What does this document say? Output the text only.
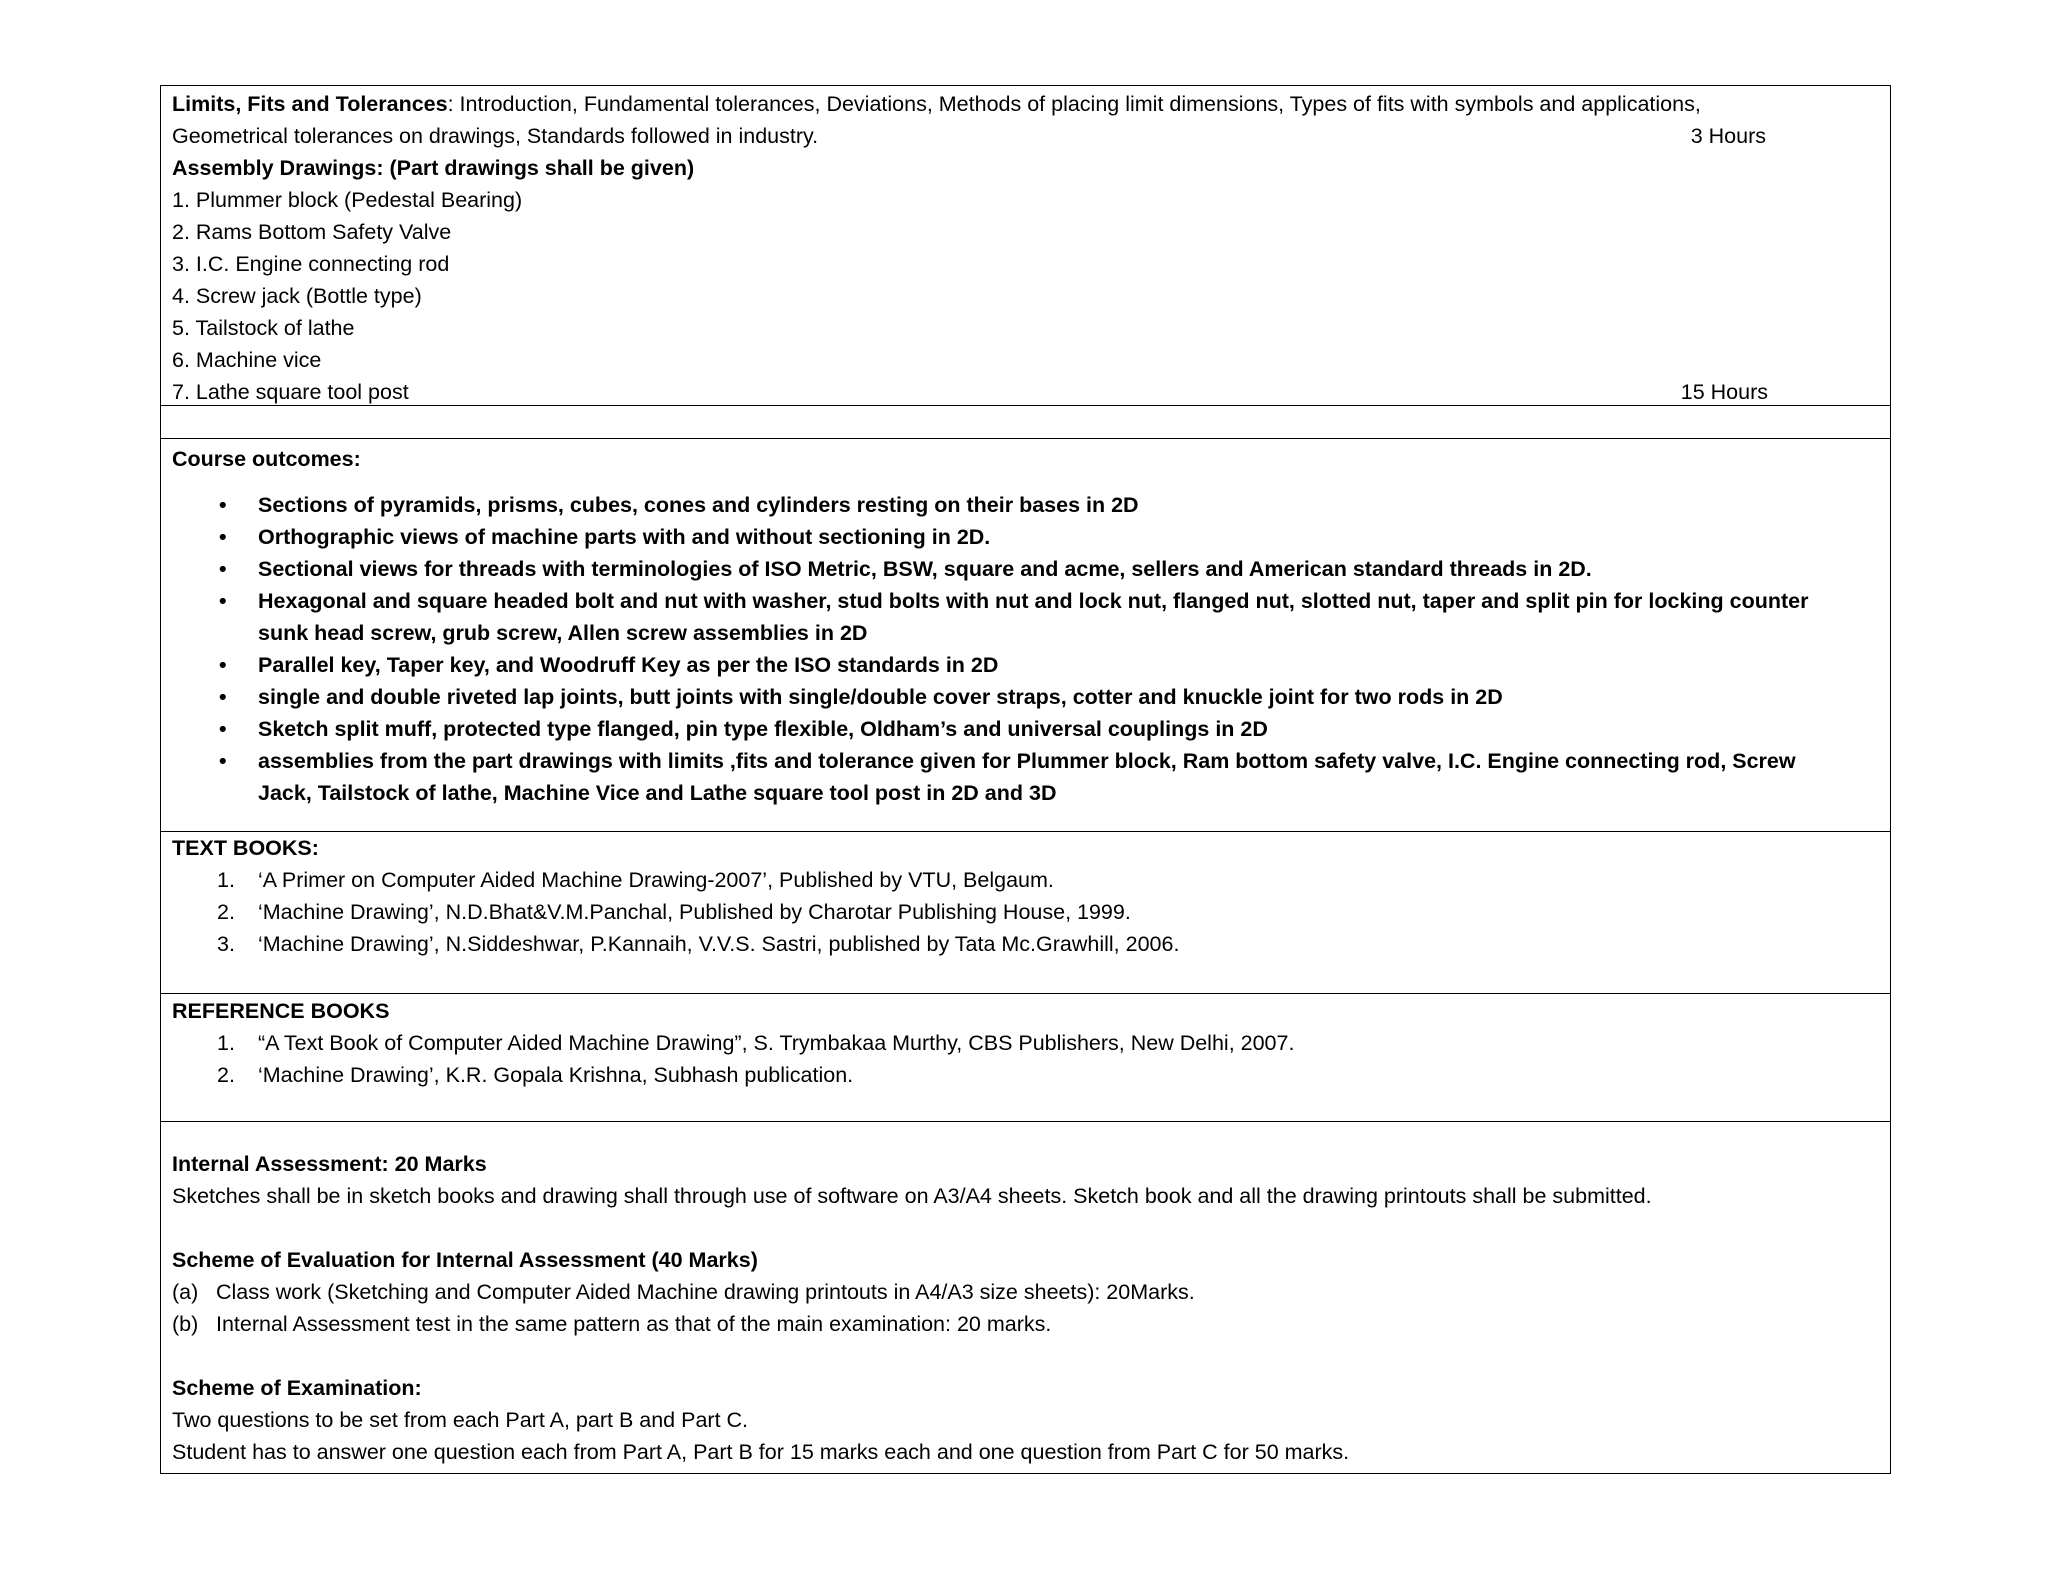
Limits, Fits and Tolerances: Introduction, Fundamental tolerances, Deviations, Methods of placing limit dimensions, Types of fits with symbols and applications,
Geometrical tolerances on drawings, Standards followed in industry.	3 Hours
Assembly Drawings: (Part drawings shall be given)
1. Plummer block (Pedestal Bearing)
2. Rams Bottom Safety Valve
3. I.C. Engine connecting rod
4. Screw jack (Bottle type)
5. Tailstock of lathe
6. Machine vice
7. Lathe square tool post	15 Hours
Course outcomes:
• Sections of pyramids, prisms, cubes, cones and cylinders resting on their bases in 2D
• Orthographic views of machine parts with and without sectioning in 2D.
• Sectional views for threads with terminologies of ISO Metric, BSW, square and acme, sellers and American standard threads in 2D.
• Hexagonal and square headed bolt and nut with washer, stud bolts with nut and lock nut, flanged nut, slotted nut, taper and split pin for locking counter sunk head screw, grub screw, Allen screw assemblies in 2D
• Parallel key, Taper key, and Woodruff Key as per the ISO standards in 2D
• single and double riveted lap joints, butt joints with single/double cover straps, cotter and knuckle joint for two rods in 2D
• Sketch split muff, protected type flanged, pin type flexible, Oldham’s and universal couplings in 2D
• assemblies from the part drawings with limits ,fits and tolerance given for Plummer block, Ram bottom safety valve, I.C. Engine connecting rod, Screw Jack, Tailstock of lathe, Machine Vice and Lathe square tool post in 2D and 3D
TEXT BOOKS:
1. ‘A Primer on Computer Aided Machine Drawing-2007’, Published by VTU, Belgaum.
2. ‘Machine Drawing’, N.D.Bhat&V.M.Panchal, Published by Charotar Publishing House, 1999.
3. ‘Machine Drawing’, N.Siddeshwar, P.Kannaih, V.V.S. Sastri, published by Tata Mc.Grawhill, 2006.
REFERENCE BOOKS
1. “A Text Book of Computer Aided Machine Drawing”, S. Trymbakaa Murthy, CBS Publishers, New Delhi, 2007.
2. ‘Machine Drawing’, K.R. Gopala Krishna, Subhash publication.
Internal Assessment: 20 Marks
Sketches shall be in sketch books and drawing shall through use of software on A3/A4 sheets. Sketch book and all the drawing printouts shall be submitted.
Scheme of Evaluation for Internal Assessment (40 Marks)
(a) Class work (Sketching and Computer Aided Machine drawing printouts in A4/A3 size sheets): 20Marks.
(b) Internal Assessment test in the same pattern as that of the main examination: 20 marks.
Scheme of Examination:
Two questions to be set from each Part A, part B and Part C.
Student has to answer one question each from Part A, Part B for 15 marks each and one question from Part C for 50 marks.
